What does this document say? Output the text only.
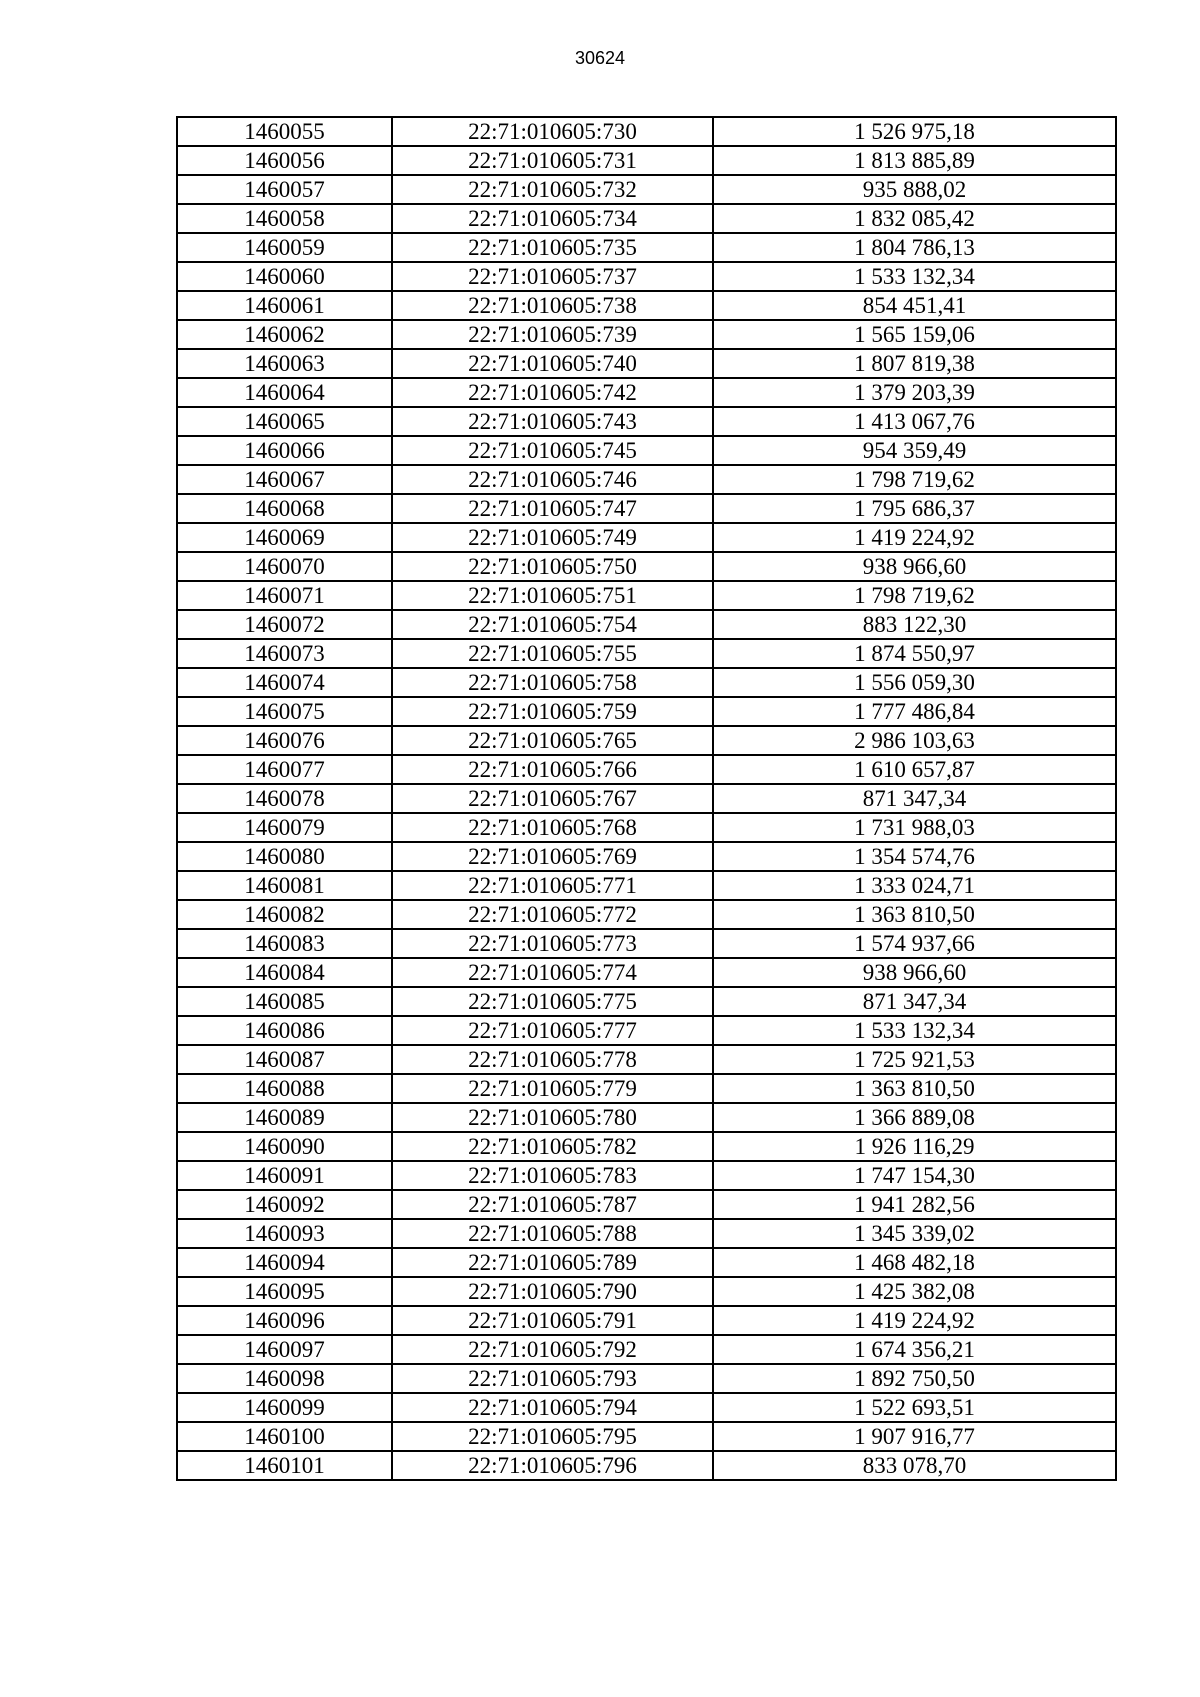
30624
1460055	22:71:010605:730	1 526 975,18
1460056	22:71:010605:731	1 813 885,89
1460057	22:71:010605:732	935 888,02
1460058	22:71:010605:734	1 832 085,42
1460059	22:71:010605:735	1 804 786,13
1460060	22:71:010605:737	1 533 132,34
1460061	22:71:010605:738	854 451,41
1460062	22:71:010605:739	1 565 159,06
1460063	22:71:010605:740	1 807 819,38
1460064	22:71:010605:742	1 379 203,39
1460065	22:71:010605:743	1 413 067,76
1460066	22:71:010605:745	954 359,49
1460067	22:71:010605:746	1 798 719,62
1460068	22:71:010605:747	1 795 686,37
1460069	22:71:010605:749	1 419 224,92
1460070	22:71:010605:750	938 966,60
1460071	22:71:010605:751	1 798 719,62
1460072	22:71:010605:754	883 122,30
1460073	22:71:010605:755	1 874 550,97
1460074	22:71:010605:758	1 556 059,30
1460075	22:71:010605:759	1 777 486,84
1460076	22:71:010605:765	2 986 103,63
1460077	22:71:010605:766	1 610 657,87
1460078	22:71:010605:767	871 347,34
1460079	22:71:010605:768	1 731 988,03
1460080	22:71:010605:769	1 354 574,76
1460081	22:71:010605:771	1 333 024,71
1460082	22:71:010605:772	1 363 810,50
1460083	22:71:010605:773	1 574 937,66
1460084	22:71:010605:774	938 966,60
1460085	22:71:010605:775	871 347,34
1460086	22:71:010605:777	1 533 132,34
1460087	22:71:010605:778	1 725 921,53
1460088	22:71:010605:779	1 363 810,50
1460089	22:71:010605:780	1 366 889,08
1460090	22:71:010605:782	1 926 116,29
1460091	22:71:010605:783	1 747 154,30
1460092	22:71:010605:787	1 941 282,56
1460093	22:71:010605:788	1 345 339,02
1460094	22:71:010605:789	1 468 482,18
1460095	22:71:010605:790	1 425 382,08
1460096	22:71:010605:791	1 419 224,92
1460097	22:71:010605:792	1 674 356,21
1460098	22:71:010605:793	1 892 750,50
1460099	22:71:010605:794	1 522 693,51
1460100	22:71:010605:795	1 907 916,77
1460101	22:71:010605:796	833 078,70
